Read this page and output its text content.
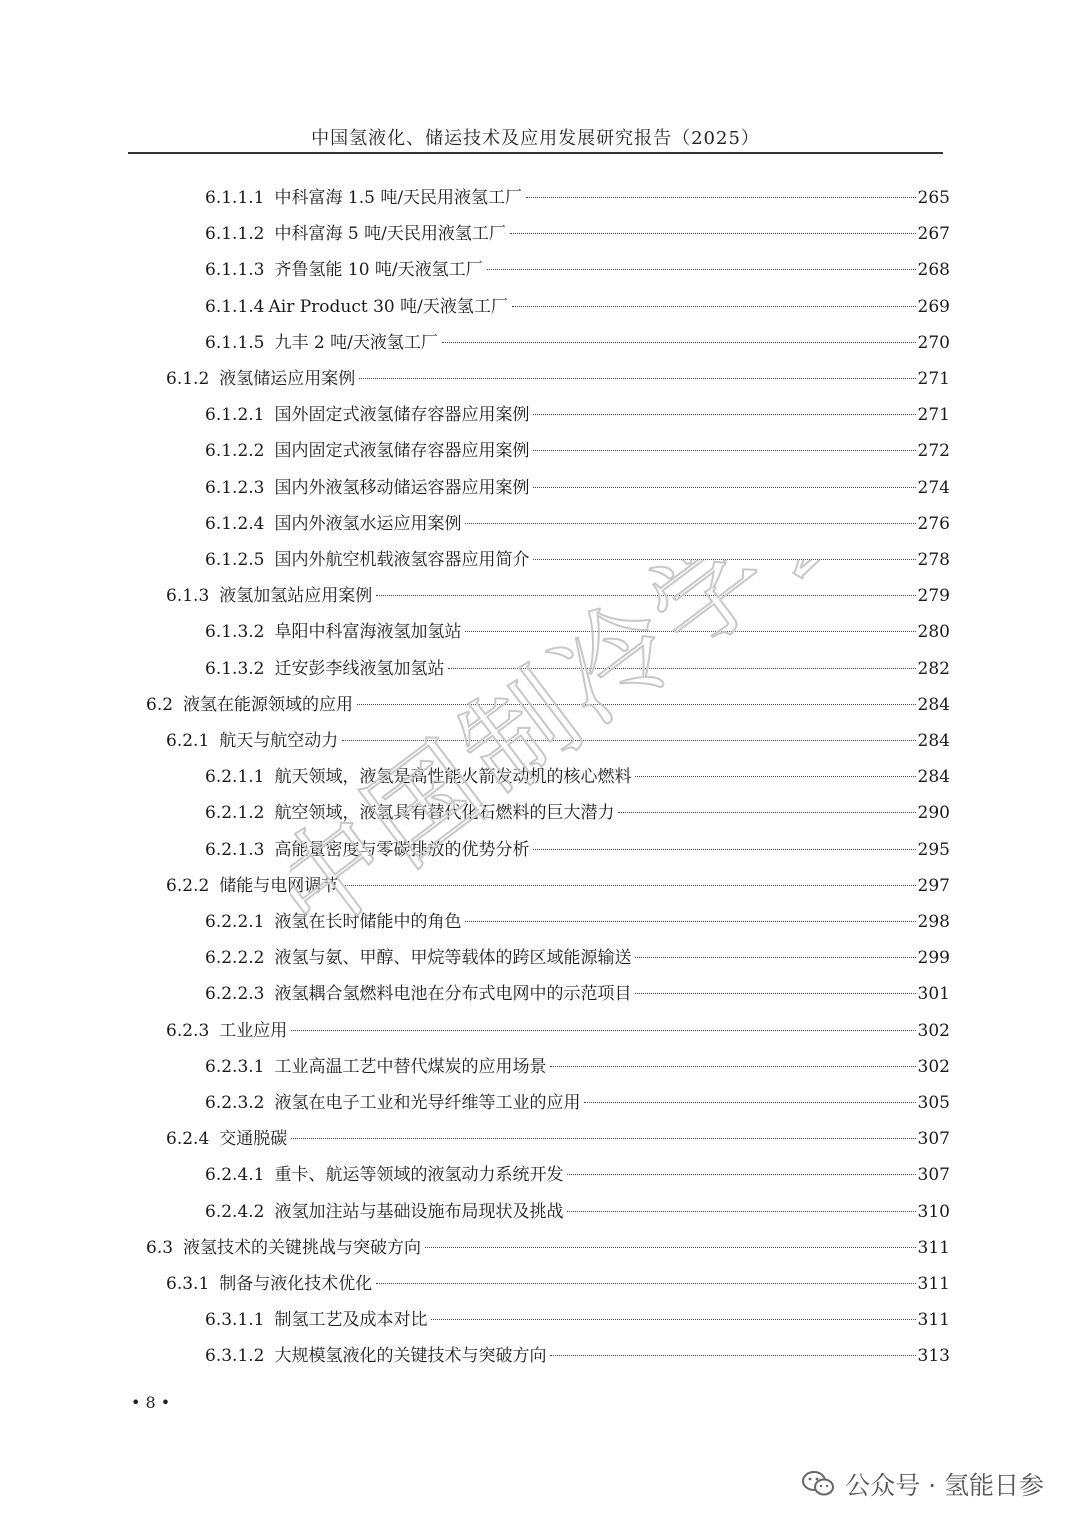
中国氢液化、储运技术及应用发展研究报告（2025）
6.1.1.1 中科富海 1.5 吨/天民用液氢工厂	265
6.1.1.2 中科富海 5 吨/天民用液氢工厂	267
6.1.1.3 齐鲁氢能 10 吨/天液氢工厂	268
6.1.1.4 Air Product 30 吨/天液氢工厂	269
6.1.1.5 九丰 2 吨/天液氢工厂	270
6.1.2 液氢储运应用案例	271
6.1.2.1 国外固定式液氢储存容器应用案例	271
6.1.2.2 国内固定式液氢储存容器应用案例	272
6.1.2.3 国内外液氢移动储运容器应用案例	274
6.1.2.4 国内外液氢水运应用案例	276
6.1.2.5 国内外航空机载液氢容器应用简介	278
6.1.3 液氢加氢站应用案例	279
6.1.3.2 阜阳中科富海液氢加氢站	280
6.1.3.2 迁安彭李线液氢加氢站	282
6.2 液氢在能源领域的应用	284
6.2.1 航天与航空动力	284
6.2.1.1 航天领域，液氢是高性能火箭发动机的核心燃料	284
6.2.1.2 航空领域，液氢具有替代化石燃料的巨大潜力	290
6.2.1.3 高能量密度与零碳排放的优势分析	295
6.2.2 储能与电网调节	297
6.2.2.1 液氢在长时储能中的角色	298
6.2.2.2 液氢与氨、甲醇、甲烷等载体的跨区域能源输送	299
6.2.2.3 液氢耦合氢燃料电池在分布式电网中的示范项目	301
6.2.3 工业应用	302
6.2.3.1 工业高温工艺中替代煤炭的应用场景	302
6.2.3.2 液氢在电子工业和光导纤维等工业的应用	305
6.2.4 交通脱碳	307
6.2.4.1 重卡、航运等领域的液氢动力系统开发	307
6.2.4.2 液氢加注站与基础设施布局现状及挑战	310
6.3 液氢技术的关键挑战与突破方向	311
6.3.1 制备与液化技术优化	311
6.3.1.1 制氢工艺及成本对比	311
6.3.1.2 大规模氢液化的关键技术与突破方向	313
中国制冷学会
• 8 •
公众号 · 氢能日参
